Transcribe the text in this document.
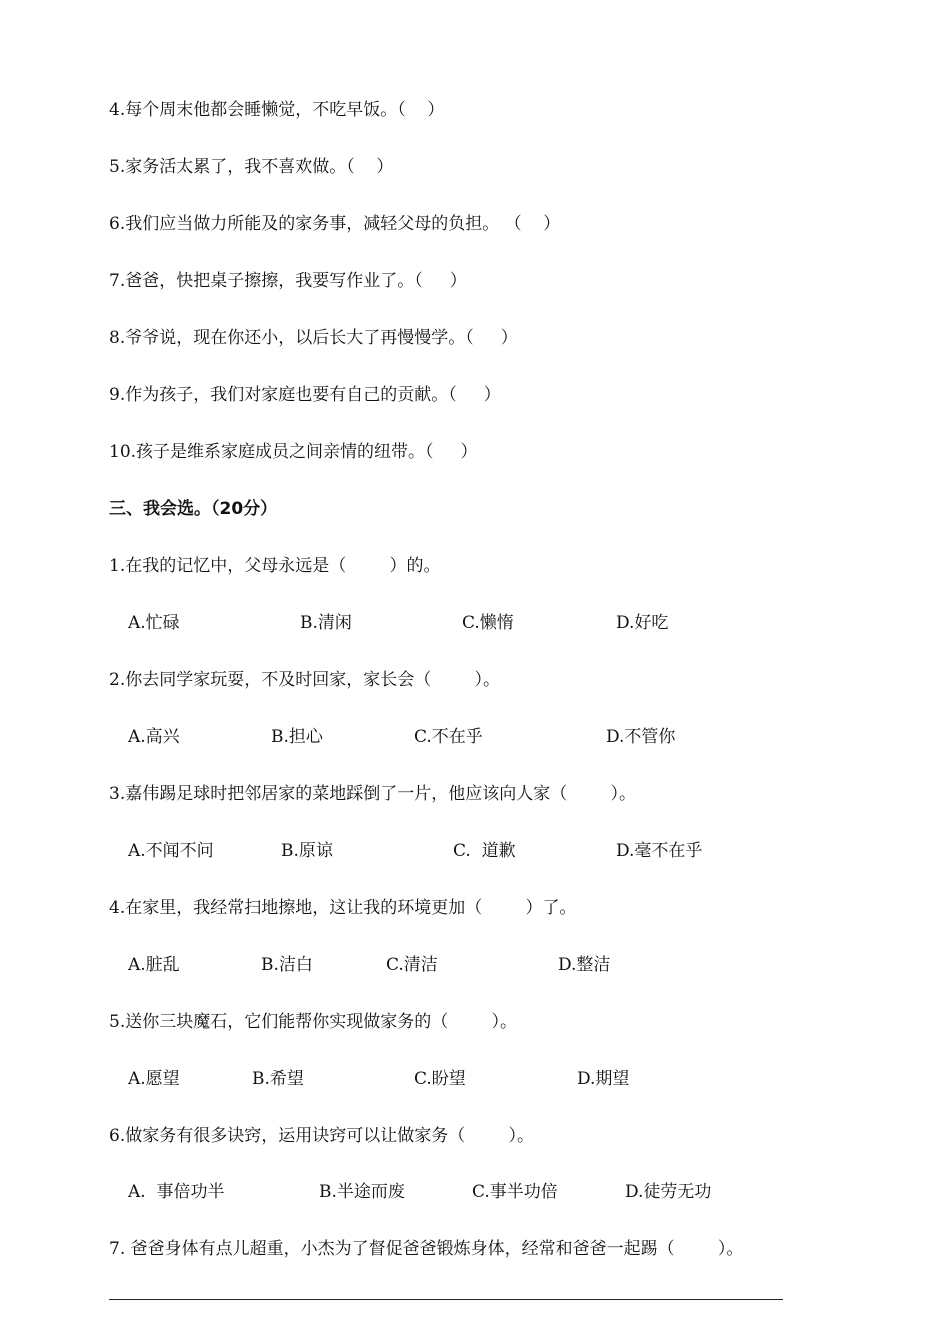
4.每个周末他都会睡懒觉，不吃早饭。（    ）
5.家务活太累了，我不喜欢做。（    ）
6.我们应当做力所能及的家务事，减轻父母的负担。 （    ）
7.爸爸，快把桌子擦擦，我要写作业了。（     ）
8.爷爷说，现在你还小，以后长大了再慢慢学。（     ）
9.作为孩子，我们对家庭也要有自己的贡献。（     ）
10.孩子是维系家庭成员之间亲情的纽带。（     ）
三、我会选。（20分）
1.在我的记忆中，父母永远是（        ）的。
A.忙碌	B.清闲	C.懒惰	D.好吃
2.你去同学家玩耍，不及时回家，家长会（        ）。
A.高兴	B.担心	C.不在乎	D.不管你
3.嘉伟踢足球时把邻居家的菜地踩倒了一片，他应该向人家（        ）。
A.不闻不问	B.原谅	C.  道歉	D.毫不在乎
4.在家里，我经常扫地擦地，这让我的环境更加（        ）了。
A.脏乱	B.洁白	C.清洁	D.整洁
5.送你三块魔石，它们能帮你实现做家务的（        ）。
A.愿望	B.希望	C.盼望	D.期望
6.做家务有很多诀窍，运用诀窍可以让做家务（        ）。
A.  事倍功半	B.半途而废	C.事半功倍	D.徒劳无功
7. 爸爸身体有点儿超重，小杰为了督促爸爸锻炼身体，经常和爸爸一起踢（        ）。
